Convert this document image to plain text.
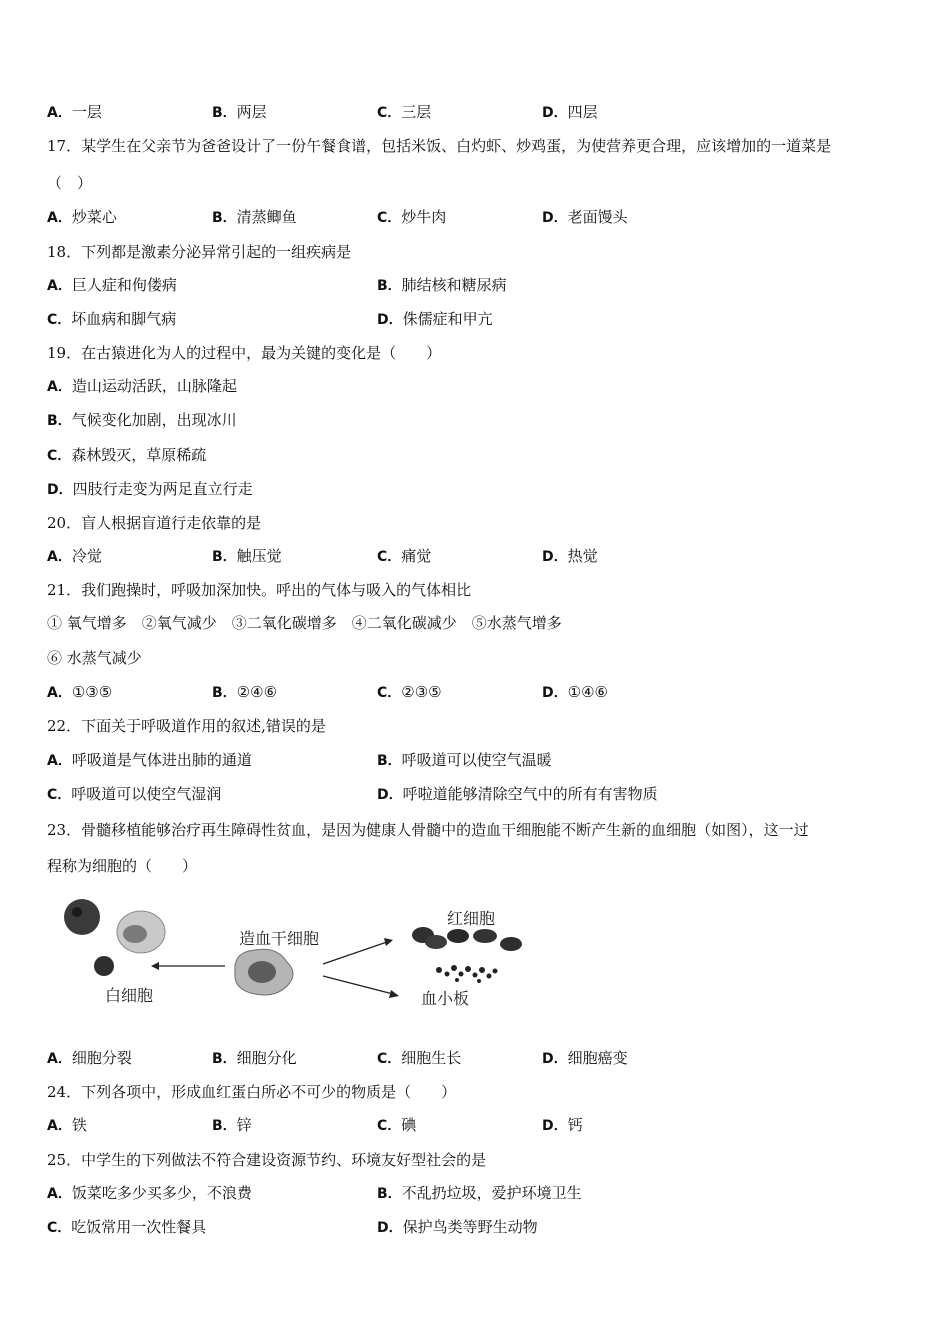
A．一层	B．两层	C．三层	D．四层
17．某学生在父亲节为爸爸设计了一份午餐食谱，包括米饭、白灼虾、炒鸡蛋，为使营养更合理，应该增加的一道菜是
（　）
A．炒菜心	B．清蒸鲫鱼	C．炒牛肉	D．老面馒头
18．下列都是激素分泌异常引起的一组疾病是
A．巨人症和佝偻病	B．肺结核和糖尿病
C．坏血病和脚气病	D．侏儒症和甲亢
19．在古猿进化为人的过程中，最为关键的变化是（　　）
A．造山运动活跃，山脉隆起
B．气候变化加剧，出现冰川
C．森林毁灭，草原稀疏
D．四肢行走变为两足直立行走
20．盲人根据盲道行走依靠的是
A．冷觉	B．触压觉	C．痛觉	D．热觉
21．我们跑操时，呼吸加深加快。呼出的气体与吸入的气体相比
① 氧气增多　②氧气减少　③二氧化碳增多　④二氧化碳减少　⑤水蒸气增多
⑥ 水蒸气减少
A．①③⑤	B．②④⑥	C．②③⑤	D．①④⑥
22．下面关于呼吸道作用的叙述,错误的是
A．呼吸道是气体进出肺的通道	B．呼吸道可以使空气温暖
C．呼吸道可以使空气湿润	D．呼啦道能够清除空气中的所有有害物质
23．骨髓移植能够治疗再生障碍性贫血，是因为健康人骨髓中的造血干细胞能不断产生新的血细胞（如图），这一过
程称为细胞的（　　）
白细胞
造血干细胞
红细胞
血小板
A．细胞分裂	B．细胞分化	C．细胞生长	D．细胞癌变
24．下列各项中，形成血红蛋白所必不可少的物质是（　　）
A．铁	B．锌	C．碘	D．钙
25．中学生的下列做法不符合建设资源节约、环境友好型社会的是
A．饭菜吃多少买多少，不浪费	B．不乱扔垃圾，爱护环境卫生
C．吃饭常用一次性餐具	D．保护鸟类等野生动物
